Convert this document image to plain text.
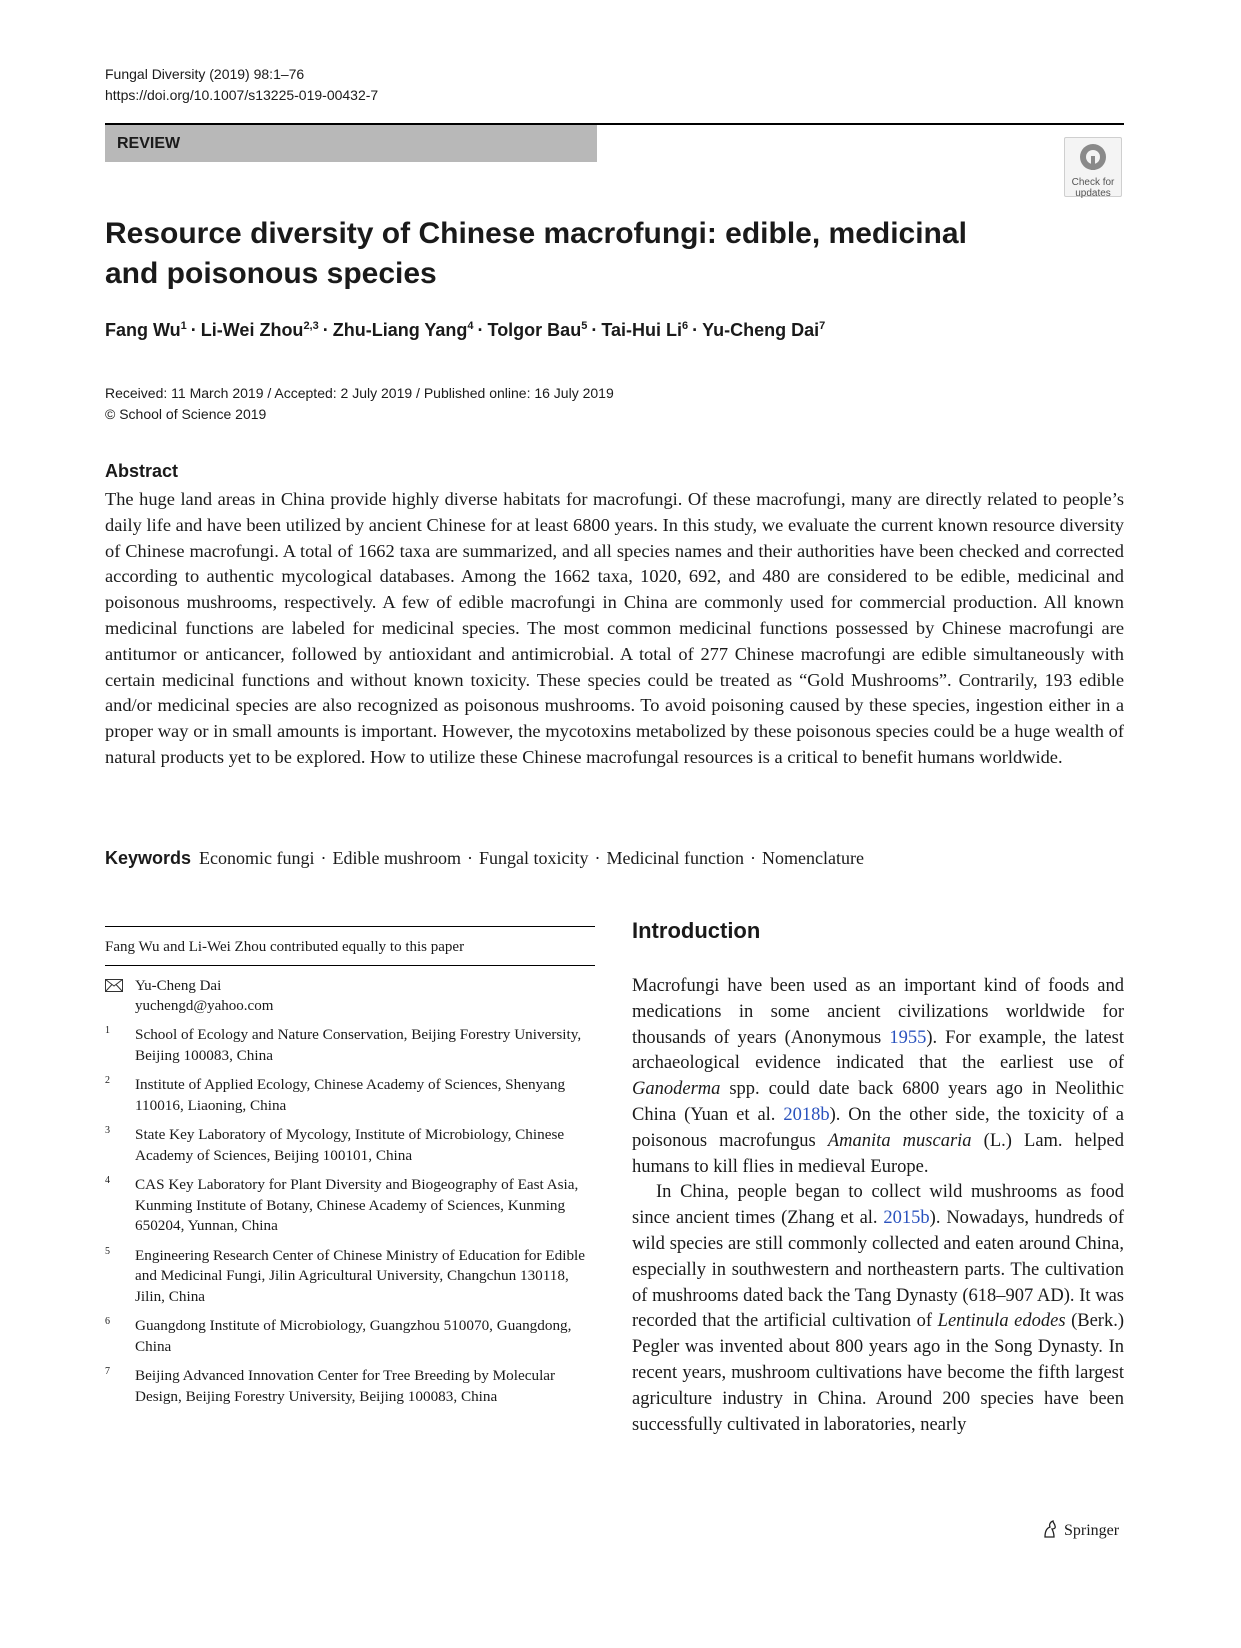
Fungal Diversity (2019) 98:1–76
https://doi.org/10.1007/s13225-019-00432-7
REVIEW
Check for
updates
Resource diversity of Chinese macrofungi: edible, medicinal and poisonous species
Fang $Wu^1 \cdot Li-Wei$ Zhou$^{2,3}$ · Zhu-Liang Yang$^4$ · Tolgor Bau$^5$ · Tai-Hui $Li^6$ · Yu-Cheng Dai$^7$
Received: 11 March 2019 / Accepted: 2 July 2019 / Published online: 16 July 2019
© School of Science 2019
Abstract

The huge land areas in China provide highly diverse habitats for macrofungi. Of these macrofungi, many are directly related to people’s daily life and have been utilized by ancient Chinese for at least 6800 years. In this study, we evaluate the current known resource diversity of Chinese macrofungi. A total of 1662 taxa are summarized, and all species names and their authorities have been checked and corrected according to authentic mycological databases. Among the 1662 taxa, 1020, 692, and 480 are considered to be edible, medicinal and poisonous mushrooms, respectively. A few of edible macrofungi in China are commonly used for commercial production. All known medicinal functions are labeled for medicinal species. The most common medicinal functions possessed by Chinese macrofungi are antitumor or anticancer, followed by antioxidant and antimicrobial. A total of 277 Chinese macrofungi are edible simultaneously with certain medicinal functions and without known toxicity. These species could be treated as “Gold Mushrooms”. Contrarily, 193 edible and/or medicinal species are also recognized as poisonous mushrooms. To avoid poisoning caused by these species, ingestion either in a proper way or in small amounts is important. However, the mycotoxins metabolized by these poisonous species could be a huge wealth of natural products yet to be explored. How to utilize these Chinese macrofungal resources is a critical to benefit humans worldwide.

Keywords Economic fungi · Edible mushroom · Fungal toxicity · Medicinal function · Nomenclature
Fang Wu and Li-Wei Zhou contributed equally to this paper
Yu-Cheng Dai
yuchengd@yahoo.com
1 School of Ecology and Nature Conservation, Beijing Forestry University, Beijing 100083, China
2 Institute of Applied Ecology, Chinese Academy of Sciences, Shenyang 110016, Liaoning, China
3 State Key Laboratory of Mycology, Institute of Microbiology, Chinese Academy of Sciences, Beijing 100101, China
4 CAS Key Laboratory for Plant Diversity and Biogeography of East Asia, Kunming Institute of Botany, Chinese Academy of Sciences, Kunming 650204, Yunnan, China
5 Engineering Research Center of Chinese Ministry of Education for Edible and Medicinal Fungi, Jilin Agricultural University, Changchun 130118, Jilin, China
6 Guangdong Institute of Microbiology, Guangzhou 510070, Guangdong, China
7 Beijing Advanced Innovation Center for Tree Breeding by Molecular Design, Beijing Forestry University, Beijing 100083, China
Introduction

Macrofungi have been used as an important kind of foods and medications in some ancient civilizations worldwide for thousands of years (Anonymous 1955). For example, the latest archaeological evidence indicated that the earliest use of Ganoderma spp. could date back 6800 years ago in Neolithic China (Yuan et al. 2018b). On the other side, the toxicity of a poisonous macrofungus Amanita muscaria (L.) Lam. helped humans to kill flies in medieval Europe.

In China, people began to collect wild mushrooms as food since ancient times (Zhang et al. 2015b). Nowadays, hundreds of wild species are still commonly collected and eaten around China, especially in southwestern and northeastern parts. The cultivation of mushrooms dated back the Tang Dynasty (618–907 AD). It was recorded that the artificial cultivation of Lentinula edodes (Berk.) Pegler was invented about 800 years ago in the Song Dynasty. In recent years, mushroom cultivations have become the fifth largest agriculture industry in China. Around 200 species have been successfully cultivated in laboratories, nearly

Springer
